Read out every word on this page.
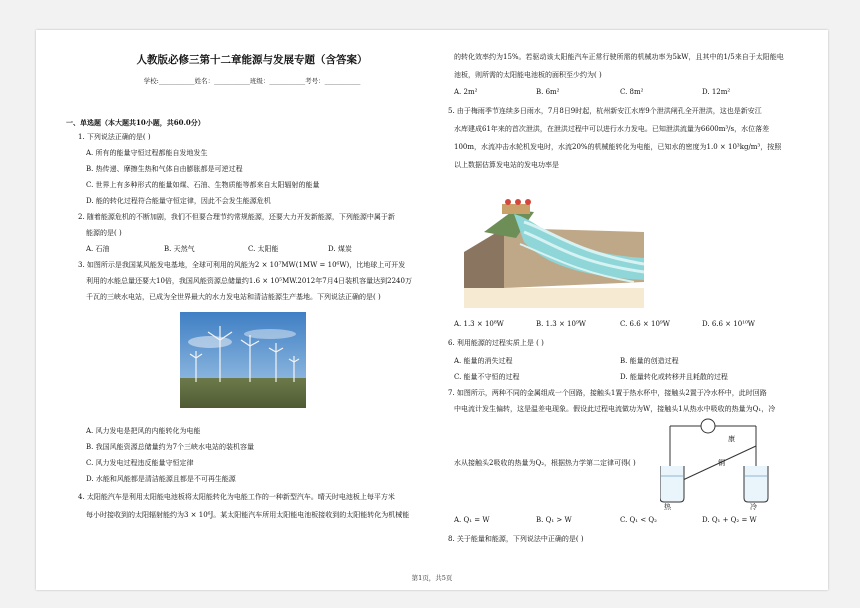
人教版必修三第十二章能源与发展专题（含答案）
学校:___________姓名：___________班级：___________考号：___________
一、单选题（本大题共10小题，共60.0分）
1. 下列说法正确的是( )
A. 所有的能量守恒过程都能自发地发生
B. 热传递、摩擦生热和气体自由膨胀都是可逆过程
C. 世界上有多种形式的能量如煤、石油、生物质能等都来自太阳辐射的能量
D. 能的转化过程符合能量守恒定律，因此不会发生能源危机
2. 随着能源危机的不断加剧，我们不但要合理节约常规能源，还要大力开发新能源，下列能源中属于新
能源的是( )
A. 石油	B. 天然气	C. 太阳能	D. 煤炭
3. 如图所示是我国某风能发电基地，全球可利用的风能为2 × 10⁷MW(1MW = 10⁶W)，比地球上可开发
利用的水能总量还要大10倍，我国风能资源总储量约1.6 × 10⁵MW.2012年7月4日装机容量达到2240万
千瓦的三峡水电站，已成为全世界最大的水力发电站和清洁能源生产基地。下列说法正确的是( )
A. 风力发电是把风的内能转化为电能
B. 我国风能资源总储量约为7个三峡水电站的装机容量
C. 风力发电过程违反能量守恒定律
D. 水能和风能都是清洁能源且都是不可再生能源
4. 太阳能汽车是利用太阳能电池板将太阳能转化为电能工作的一种新型汽车。晴天时电池板上每平方米
每小时接收到的太阳辐射能约为3 × 10⁶J。某太阳能汽车所用太阳能电池板接收到的太阳能转化为机械能
的转化效率约为15%。若驱动该太阳能汽车正常行驶所需的机械功率为5kW，且其中的1/5来自于太阳能电
池板，则所需的太阳能电池板的面积至少约为( )
A. 2m²	B. 6m²	C. 8m²	D. 12m²
5. 由于梅雨季节连续多日雨水，7月8日9时起，杭州新安江水库9个泄洪闸孔全开泄洪，这也是新安江
水库建成61年来的首次泄洪，在泄洪过程中可以进行水力发电。已知泄洪流量为6600m³/s，水位落差
100m，水流冲击水轮机发电时，水流20%的机械能转化为电能，已知水的密度为1.0 × 10³kg/m³，按照
以上数据估算发电站的发电功率是
A. 1.3 × 10⁸W	B. 1.3 × 10⁹W	C. 6.6 × 10⁹W	D. 6.6 × 10¹⁰W
6. 利用能源的过程实质上是 ( )
A. 能量的消失过程	B. 能量的创造过程
C. 能量不守恒的过程	D. 能量转化或转移并且耗散的过程
7. 如图所示，两种不同的金属组成一个回路，接触头1置于热水杯中，接触头2置于冷水杯中，此时回路
中电流计发生偏转，这是温差电现象。假设此过程电流做功为W，接触头1从热水中吸收的热量为Q₁，冷
康
铜
热	冷
水从接触头2吸收的热量为Q₂，根据热力学第二定律可得( )
A. Q₁ = W	B. Q₁ > W	C. Q₁ < Q₂	D. Q₁ + Q₂ = W
8. 关于能量和能源，下列说法中正确的是( )
第1页，共5页
